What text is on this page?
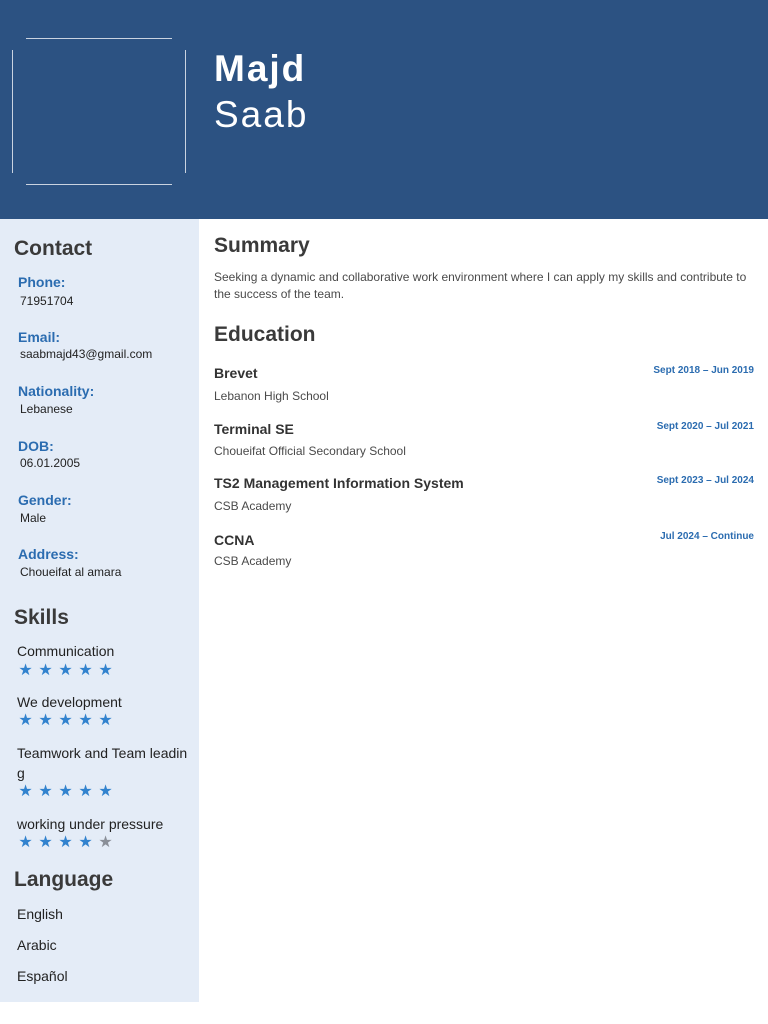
Majd
Saab
Contact
Phone:
71951704
Email:
saabmajd43@gmail.com
Nationality:
Lebanese
DOB:
06.01.2005
Gender:
Male
Address:
Choueifat al amara
Skills
Communication
★ ★ ★ ★ ★
We development
★ ★ ★ ★ ★
Teamwork and Team leading
★ ★ ★ ★ ★
working under pressure
★ ★ ★ ★ ★
Language
English
Arabic
Español
Summary
Seeking a dynamic and collaborative work environment where I can apply my skills and contribute to the success of the team.
Education
Brevet	Sept 2018 – Jun 2019
Lebanon High School
Terminal SE	Sept 2020 – Jul 2021
Choueifat Official Secondary School
TS2 Management Information System	Sept 2023 – Jul 2024
CSB Academy
CCNA	Jul 2024 – Continue
CSB Academy
